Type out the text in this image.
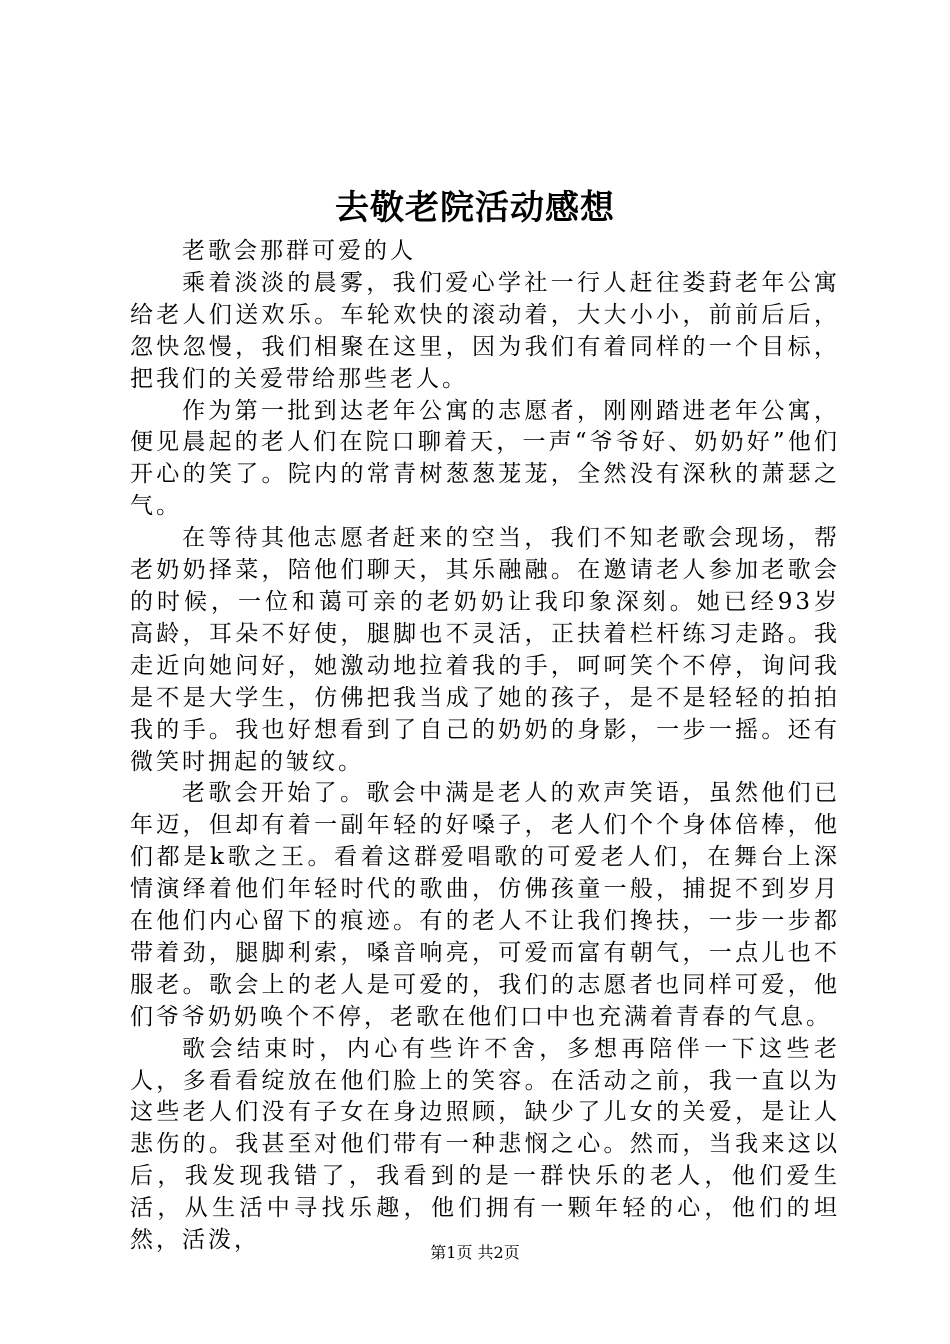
去敬老院活动感想

老歌会那群可爱的人

乘着淡淡的晨雾，我们爱心学社一行人赶往娄葑老年公寓给老人们送欢乐。车轮欢快的滚动着，大大小小，前前后后，忽快忽慢，我们相聚在这里，因为我们有着同样的一个目标，把我们的关爱带给那些老人。

作为第一批到达老年公寓的志愿者，刚刚踏进老年公寓，便见晨起的老人们在院口聊着天，一声“爷爷好、奶奶好”他们开心的笑了。院内的常青树葱葱茏茏，全然没有深秋的萧瑟之气。

在等待其他志愿者赶来的空当，我们不知老歌会现场，帮老奶奶择菜，陪他们聊天，其乐融融。在邀请老人参加老歌会的时候，一位和蔼可亲的老奶奶让我印象深刻。她已经93岁高龄，耳朵不好使，腿脚也不灵活，正扶着栏杆练习走路。我走近向她问好，她激动地拉着我的手，呵呵笑个不停，询问我是不是大学生，仿佛把我当成了她的孩子，是不是轻轻的拍拍我的手。我也好想看到了自己的奶奶的身影，一步一摇。还有微笑时拥起的皱纹。

老歌会开始了。歌会中满是老人的欢声笑语，虽然他们已年迈，但却有着一副年轻的好嗓子，老人们个个身体倍棒，他们都是k歌之王。看着这群爱唱歌的可爱老人们，在舞台上深情演绎着他们年轻时代的歌曲，仿佛孩童一般，捕捉不到岁月在他们内心留下的痕迹。有的老人不让我们搀扶，一步一步都带着劲，腿脚利索，嗓音响亮，可爱而富有朝气，一点儿也不服老。歌会上的老人是可爱的，我们的志愿者也同样可爱，他们爷爷奶奶唤个不停，老歌在他们口中也充满着青春的气息。

歌会结束时，内心有些许不舍，多想再陪伴一下这些老人，多看看绽放在他们脸上的笑容。在活动之前，我一直以为这些老人们没有子女在身边照顾，缺少了儿女的关爱，是让人悲伤的。我甚至对他们带有一种悲悯之心。然而，当我来这以后，我发现我错了，我看到的是一群快乐的老人，他们爱生活，从生活中寻找乐趣，他们拥有一颗年轻的心，他们的坦然，活泼，	第1页 共2页
